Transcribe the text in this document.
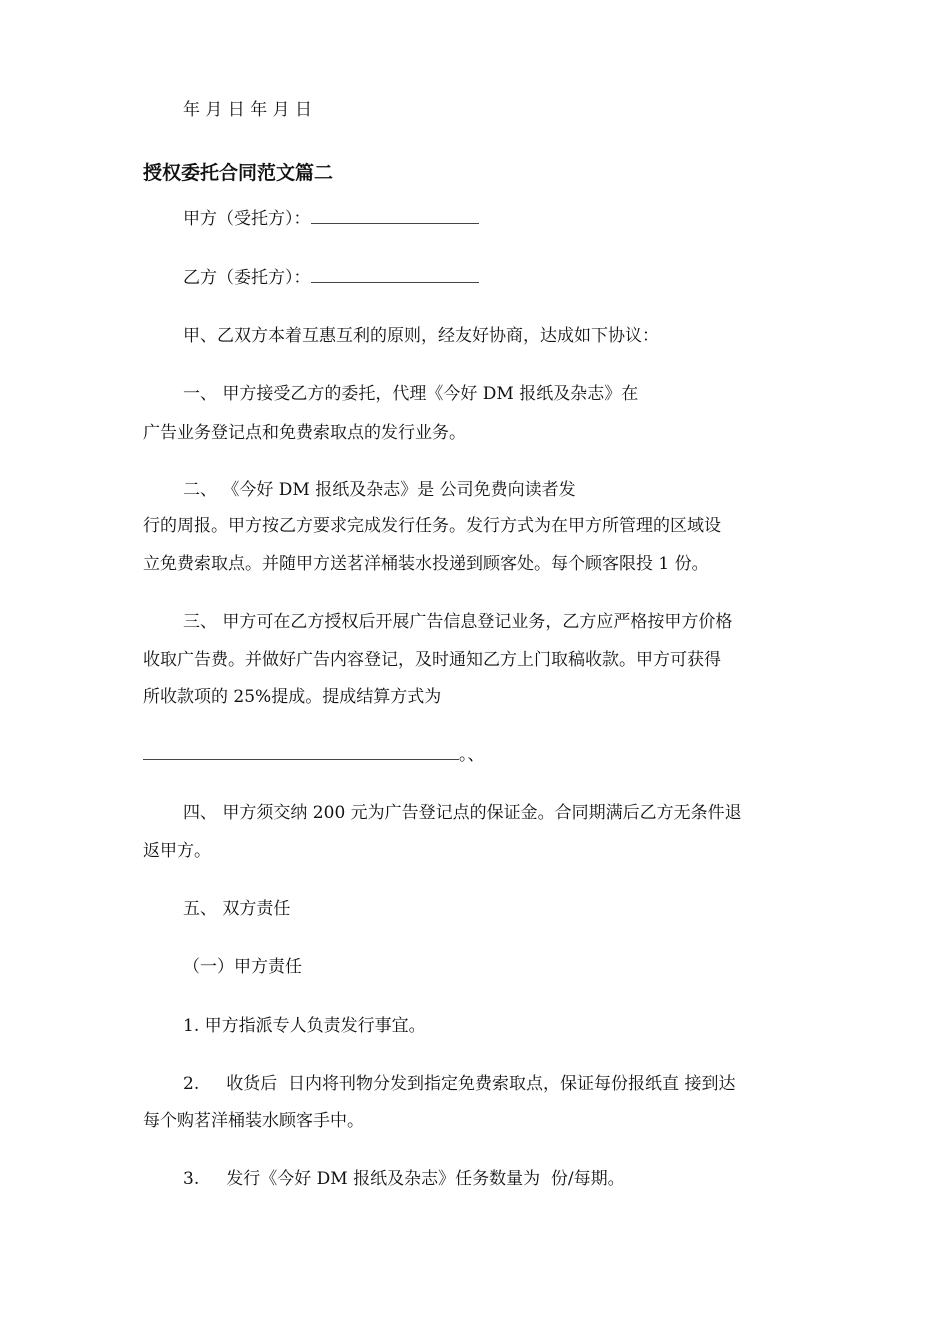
年 月 日 年 月 日
授权委托合同范文篇二
甲方（受托方）：
乙方（委托方）：
甲、乙双方本着互惠互利的原则，经友好协商，达成如下协议：
一、 甲方接受乙方的委托，代理《今好 DM 报纸及杂志》在
广告业务登记点和免费索取点的发行业务。
二、 《今好 DM 报纸及杂志》是 公司免费向读者发
行的周报。甲方按乙方要求完成发行任务。发行方式为在甲方所管理的区域设
立免费索取点。并随甲方送茗洋桶装水投递到顾客处。每个顾客限投 1 份。
三、 甲方可在乙方授权后开展广告信息登记业务，乙方应严格按甲方价格
收取广告费。并做好广告内容登记，及时通知乙方上门取稿收款。甲方可获得
所收款项的 25%提成。提成结算方式为
。、
四、 甲方须交纳 200 元为广告登记点的保证金。合同期满后乙方无条件退
返甲方。
五、 双方责任
（一）甲方责任
1. 甲方指派专人负责发行事宜。
2.     收货后  日内将刊物分发到指定免费索取点，保证每份报纸直 接到达
每个购茗洋桶装水顾客手中。
3.     发行《今好 DM 报纸及杂志》任务数量为  份/每期。
